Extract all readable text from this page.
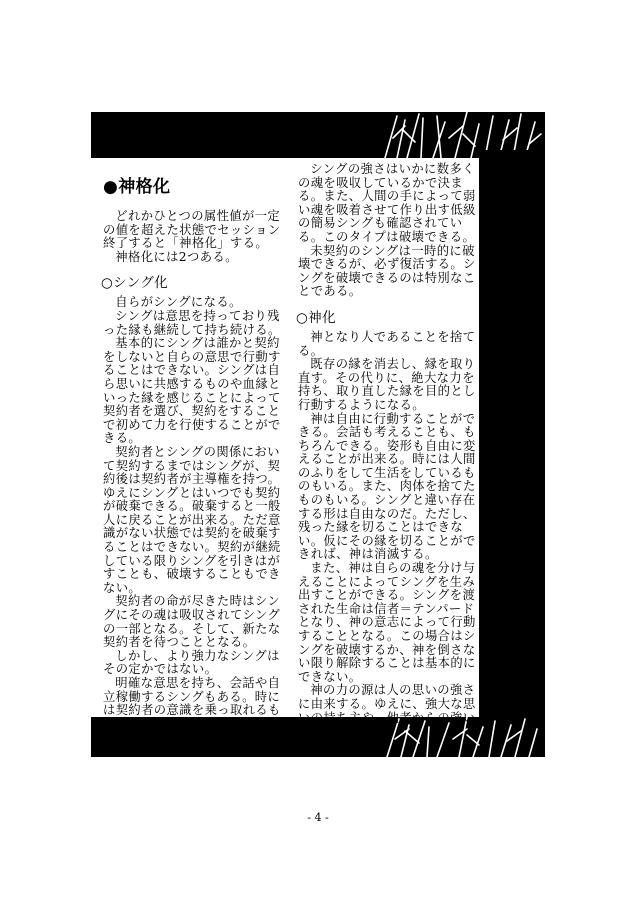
●神格化

どれかひとつの属性値が一定の値を超えた状態でセッション終了すると「神格化」する。

神格化には2つある。

○シング化

自らがシングになる。

シングは意思を持っており残った縁も継続して持ち続ける。

基本的にシングは誰かと契約をしないと自らの意思で行動することはできない。シングは自ら思いに共感するものや血縁といった縁を感じることによって契約者を選び、契約をすることで初めて力を行使することができる。

契約者とシングの関係において契約するまではシングが、契約後は契約者が主導権を持つ。ゆえにシングとはいつでも契約が破棄できる。破棄すると一般人に戻ることが出来る。ただ意識がない状態では契約を破棄することはできない。契約が継続している限りシングを引きはがすことも、破壊することもできない。

契約者の命が尽きた時はシングにその魂は吸収されてシングの一部となる。そして、新たな契約者を待つこととなる。

しかし、より強力なシングはその定かではない。

明確な意思を持ち、会話や自立稼働するシングもある。時には契約者の意識を乗っ取れるものも存在する。

シングの強さはいかに数多くの魂を吸収しているかで決まる。また、人間の手によって弱い魂を吸着させて作り出す低級の簡易シングも確認されている。このタイプは破壊できる。

未契約のシングは一時的に破壊できるが、必ず復活する。シングを破壊できるのは特別なことである。

○神化

神となり人であることを捨てる。

既存の縁を消去し、縁を取り直す。その代りに、絶大な力を持ち、取り直した縁を目的とし行動するようになる。

神は自由に行動することができる。会話も考えることも、もちろんできる。姿形も自由に変えることが出来る。時には人間のふりをして生活をしているものもいる。また、肉体を捨てたものもいる。シングと違い存在する形は自由なのだ。ただし、残った縁を切ることはできない。仮にその縁を切ることができれば、神は消滅する。

また、神は自らの魂を分け与えることによってシングを生み出すことができる。シングを渡された生命は信者＝テンパードとなり、神の意志によって行動することとなる。この場合はシングを破壊するか、神を倒さない限り解除することは基本的にできない。

神の力の源は人の思いの強さに由来する。ゆえに、強大な思いの持ち主や、他者からの強い

- 4 -
